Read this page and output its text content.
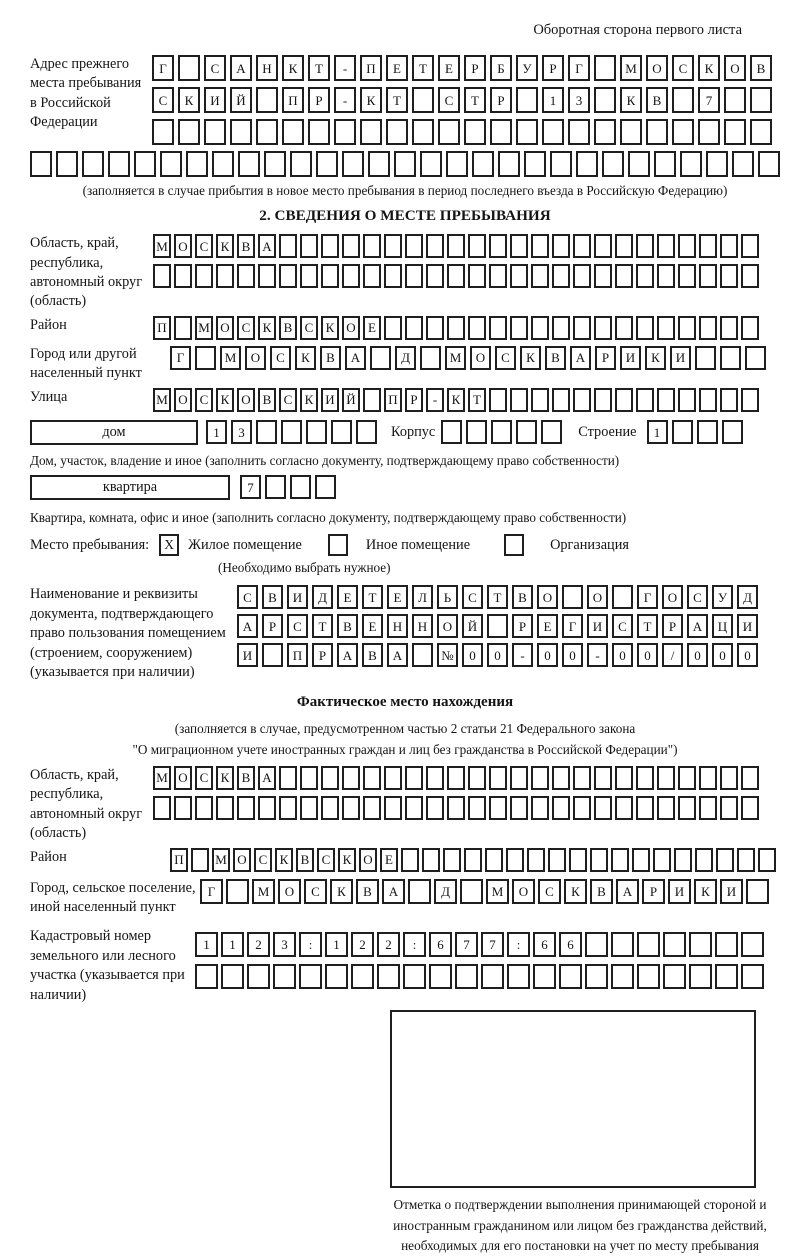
Оборотная сторона первого листа
Адрес прежнего места пребывания в Российской Федерации
Г	С	А	Н	К	Т	-	П	Е	Т	Е	Р	Б	У	Р	Г	М	О	С	К	О	В
С	К	И	Й	П	Р	-	К	Т	С	Т	Р	1	3	К	В	7
(заполняется в случае прибытия в новое место пребывания в период последнего въезда в Российскую Федерацию)
2. СВЕДЕНИЯ О МЕСТЕ ПРЕБЫВАНИЯ
Область, край, республика, автономный округ (область)
М О С К В А
Район	П	М О С К В С К О Е
Город или другой населенный пункт
Г	М	О	С	К	В	А	Д	М	О	С	К	В	А	Р	И	К	И
Улица	М О С К О В С К И Й	П Р	-	К Т
дом	1	3	Корпус	Строение	1
Дом, участок, владение и иное (заполнить согласно документу, подтверждающему право собственности)
квартира	7
Квартира, комната, офис и иное (заполнить согласно документу, подтверждающему право собственности)
Место пребывания:	X Жилое помещение	Иное помещение	Организация
(Необходимо выбрать нужное)
Наименование и реквизиты документа, подтверждающего право пользования помещением (строением, сооружением) (указывается при наличии)
С	В	И	Д	Е	Т	Е	Л	Ь	С	Т	В	О	О	Г	О	С	У	Д
А	Р	С	Т	В	Е	Н	Н	О	Й	Р	Е	Г	И	С	Т	Р	А	Ц	И
И	П	Р	А	В	А	№	0	0	-	0	0	-	0	0	/	0	0	0
Фактическое место нахождения
(заполняется в случае, предусмотренном частью 2 статьи 21 Федерального закона
"О миграционном учете иностранных граждан и лиц без гражданства в Российской Федерации")
Область, край, республика, автономный округ (область)
М О С К В А
Район	П	М О С К В С К О Е
Город, сельское поселение, иной населенный пункт
Г	М	О	С	К	В	А	Д	М	О	С	К	В	А	Р	И	К	И
Кадастровый номер земельного или лесного участка (указывается при наличии)
1	1	2	3	:	1	2	2	:	6	7	7	:	6	6
Отметка о подтверждении выполнения принимающей стороной и иностранным гражданином или лицом без гражданства действий, необходимых для его постановки на учет по месту пребывания
